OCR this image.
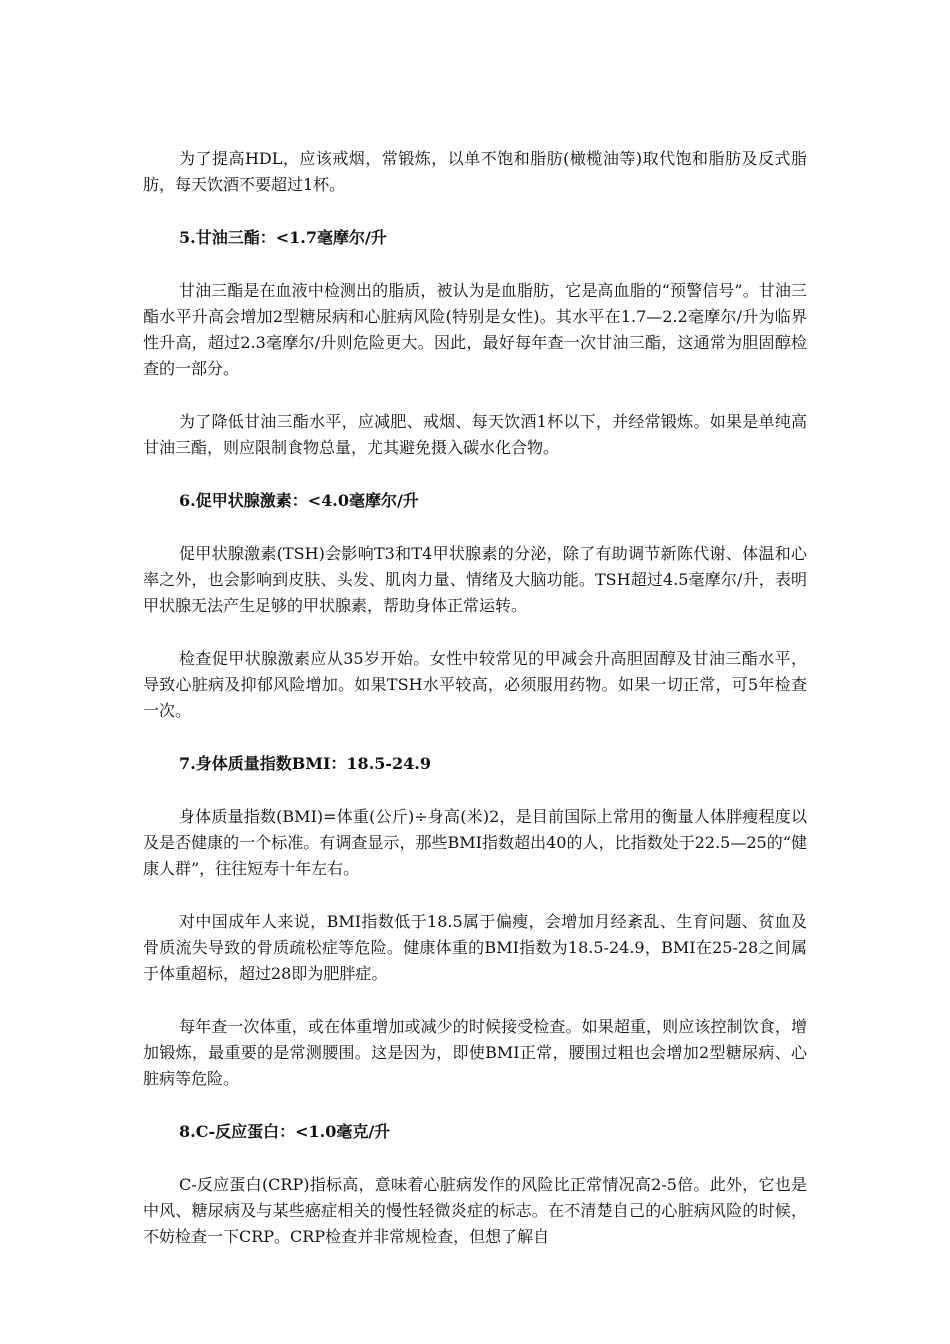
为了提高HDL，应该戒烟，常锻炼，以单不饱和脂肪(橄榄油等)取代饱和脂肪及反式脂肪，每天饮酒不要超过1杯。

5.甘油三酯：<1.7毫摩尔/升

甘油三酯是在血液中检测出的脂质，被认为是血脂肪，它是高血脂的“预警信号”。甘油三酯水平升高会增加2型糖尿病和心脏病风险(特别是女性)。其水平在1.7—2.2毫摩尔/升为临界性升高，超过2.3毫摩尔/升则危险更大。因此，最好每年查一次甘油三酯，这通常为胆固醇检查的一部分。

为了降低甘油三酯水平，应减肥、戒烟、每天饮酒1杯以下，并经常锻炼。如果是单纯高甘油三酯，则应限制食物总量，尤其避免摄入碳水化合物。

6.促甲状腺激素：<4.0毫摩尔/升

促甲状腺激素(TSH)会影响T3和T4甲状腺素的分泌，除了有助调节新陈代谢、体温和心率之外，也会影响到皮肤、头发、肌肉力量、情绪及大脑功能。TSH超过4.5毫摩尔/升，表明甲状腺无法产生足够的甲状腺素，帮助身体正常运转。

检查促甲状腺激素应从35岁开始。女性中较常见的甲减会升高胆固醇及甘油三酯水平，导致心脏病及抑郁风险增加。如果TSH水平较高，必须服用药物。如果一切正常，可5年检查一次。

7.身体质量指数BMI：18.5-24.9

身体质量指数(BMI)=体重(公斤)÷身高(米)2，是目前国际上常用的衡量人体胖瘦程度以及是否健康的一个标准。有调查显示，那些BMI指数超出40的人，比指数处于22.5—25的“健康人群”，往往短寿十年左右。

对中国成年人来说，BMI指数低于18.5属于偏瘦，会增加月经紊乱、生育问题、贫血及骨质流失导致的骨质疏松症等危险。健康体重的BMI指数为18.5-24.9，BMI在25-28之间属于体重超标，超过28即为肥胖症。

每年查一次体重，或在体重增加或减少的时候接受检查。如果超重，则应该控制饮食，增加锻炼，最重要的是常测腰围。这是因为，即使BMI正常，腰围过粗也会增加2型糖尿病、心脏病等危险。

8.C-反应蛋白：<1.0毫克/升

C-反应蛋白(CRP)指标高，意味着心脏病发作的风险比正常情况高2-5倍。此外，它也是中风、糖尿病及与某些癌症相关的慢性轻微炎症的标志。在不清楚自己的心脏病风险的时候，不妨检查一下CRP。CRP检查并非常规检查，但想了解自
